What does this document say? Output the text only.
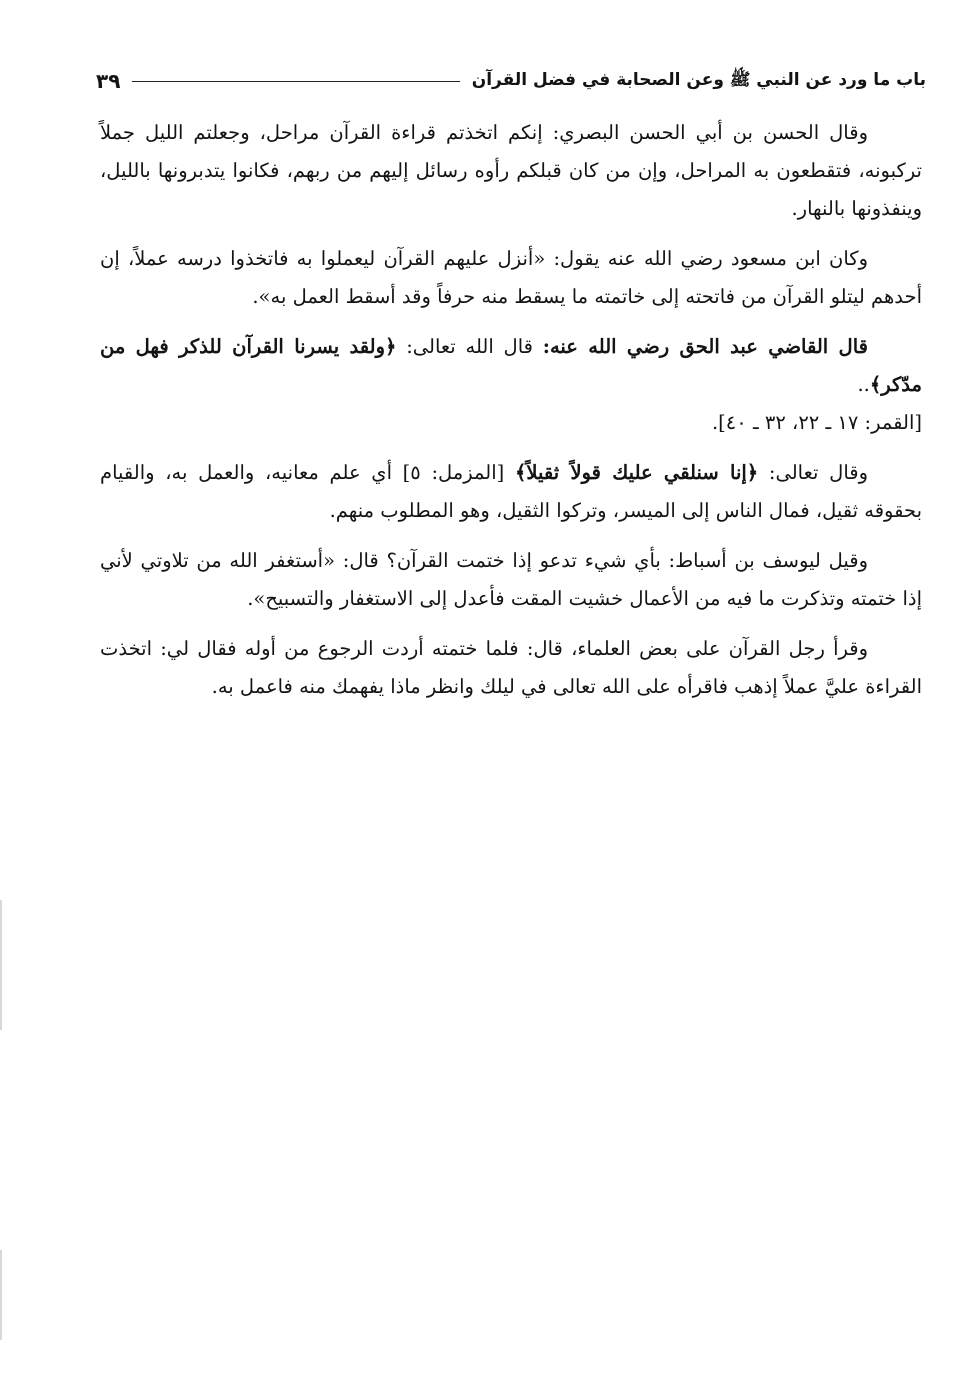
باب ما ورد عن النبي ﷺ وعن الصحابة في فضل القرآن
٣٩

وقال الحسن بن أبي الحسن البصري: إنكم اتخذتم قراءة القرآن مراحل، وجعلتم الليل جملاً تركبونه، فتقطعون به المراحل، وإن من كان قبلكم رأوه رسائل إليهم من ربهم، فكانوا يتدبرونها بالليل، وينفذونها بالنهار.

وكان ابن مسعود رضي الله عنه يقول: «أنزل عليهم القرآن ليعملوا به فاتخذوا درسه عملاً، إن أحدهم ليتلو القرآن من فاتحته إلى خاتمته ما يسقط منه حرفاً وقد أسقط العمل به».

قال القاضي عبد الحق رضي الله عنه: قال الله تعالى: ﴿ولقد يسرنا القرآن للذكر فهل من مدّكر﴾..
[القمر: ١٧ ـ ٢٢، ٣٢ ـ ٤٠].

وقال تعالى: ﴿إنا سنلقي عليك قولاً ثقيلاً﴾ [المزمل: ٥] أي علم معانيه، والعمل به، والقيام بحقوقه ثقيل، فمال الناس إلى الميسر، وتركوا الثقيل، وهو المطلوب منهم.

وقيل ليوسف بن أسباط: بأي شيء تدعو إذا ختمت القرآن؟ قال: «أستغفر الله من تلاوتي لأني إذا ختمته وتذكرت ما فيه من الأعمال خشيت المقت فأعدل إلى الاستغفار والتسبيح».

وقرأ رجل القرآن على بعض العلماء، قال: فلما ختمته أردت الرجوع من أوله فقال لي: اتخذت القراءة عليَّ عملاً إذهب فاقرأه على الله تعالى في ليلك وانظر ماذا يفهمك منه فاعمل به.
